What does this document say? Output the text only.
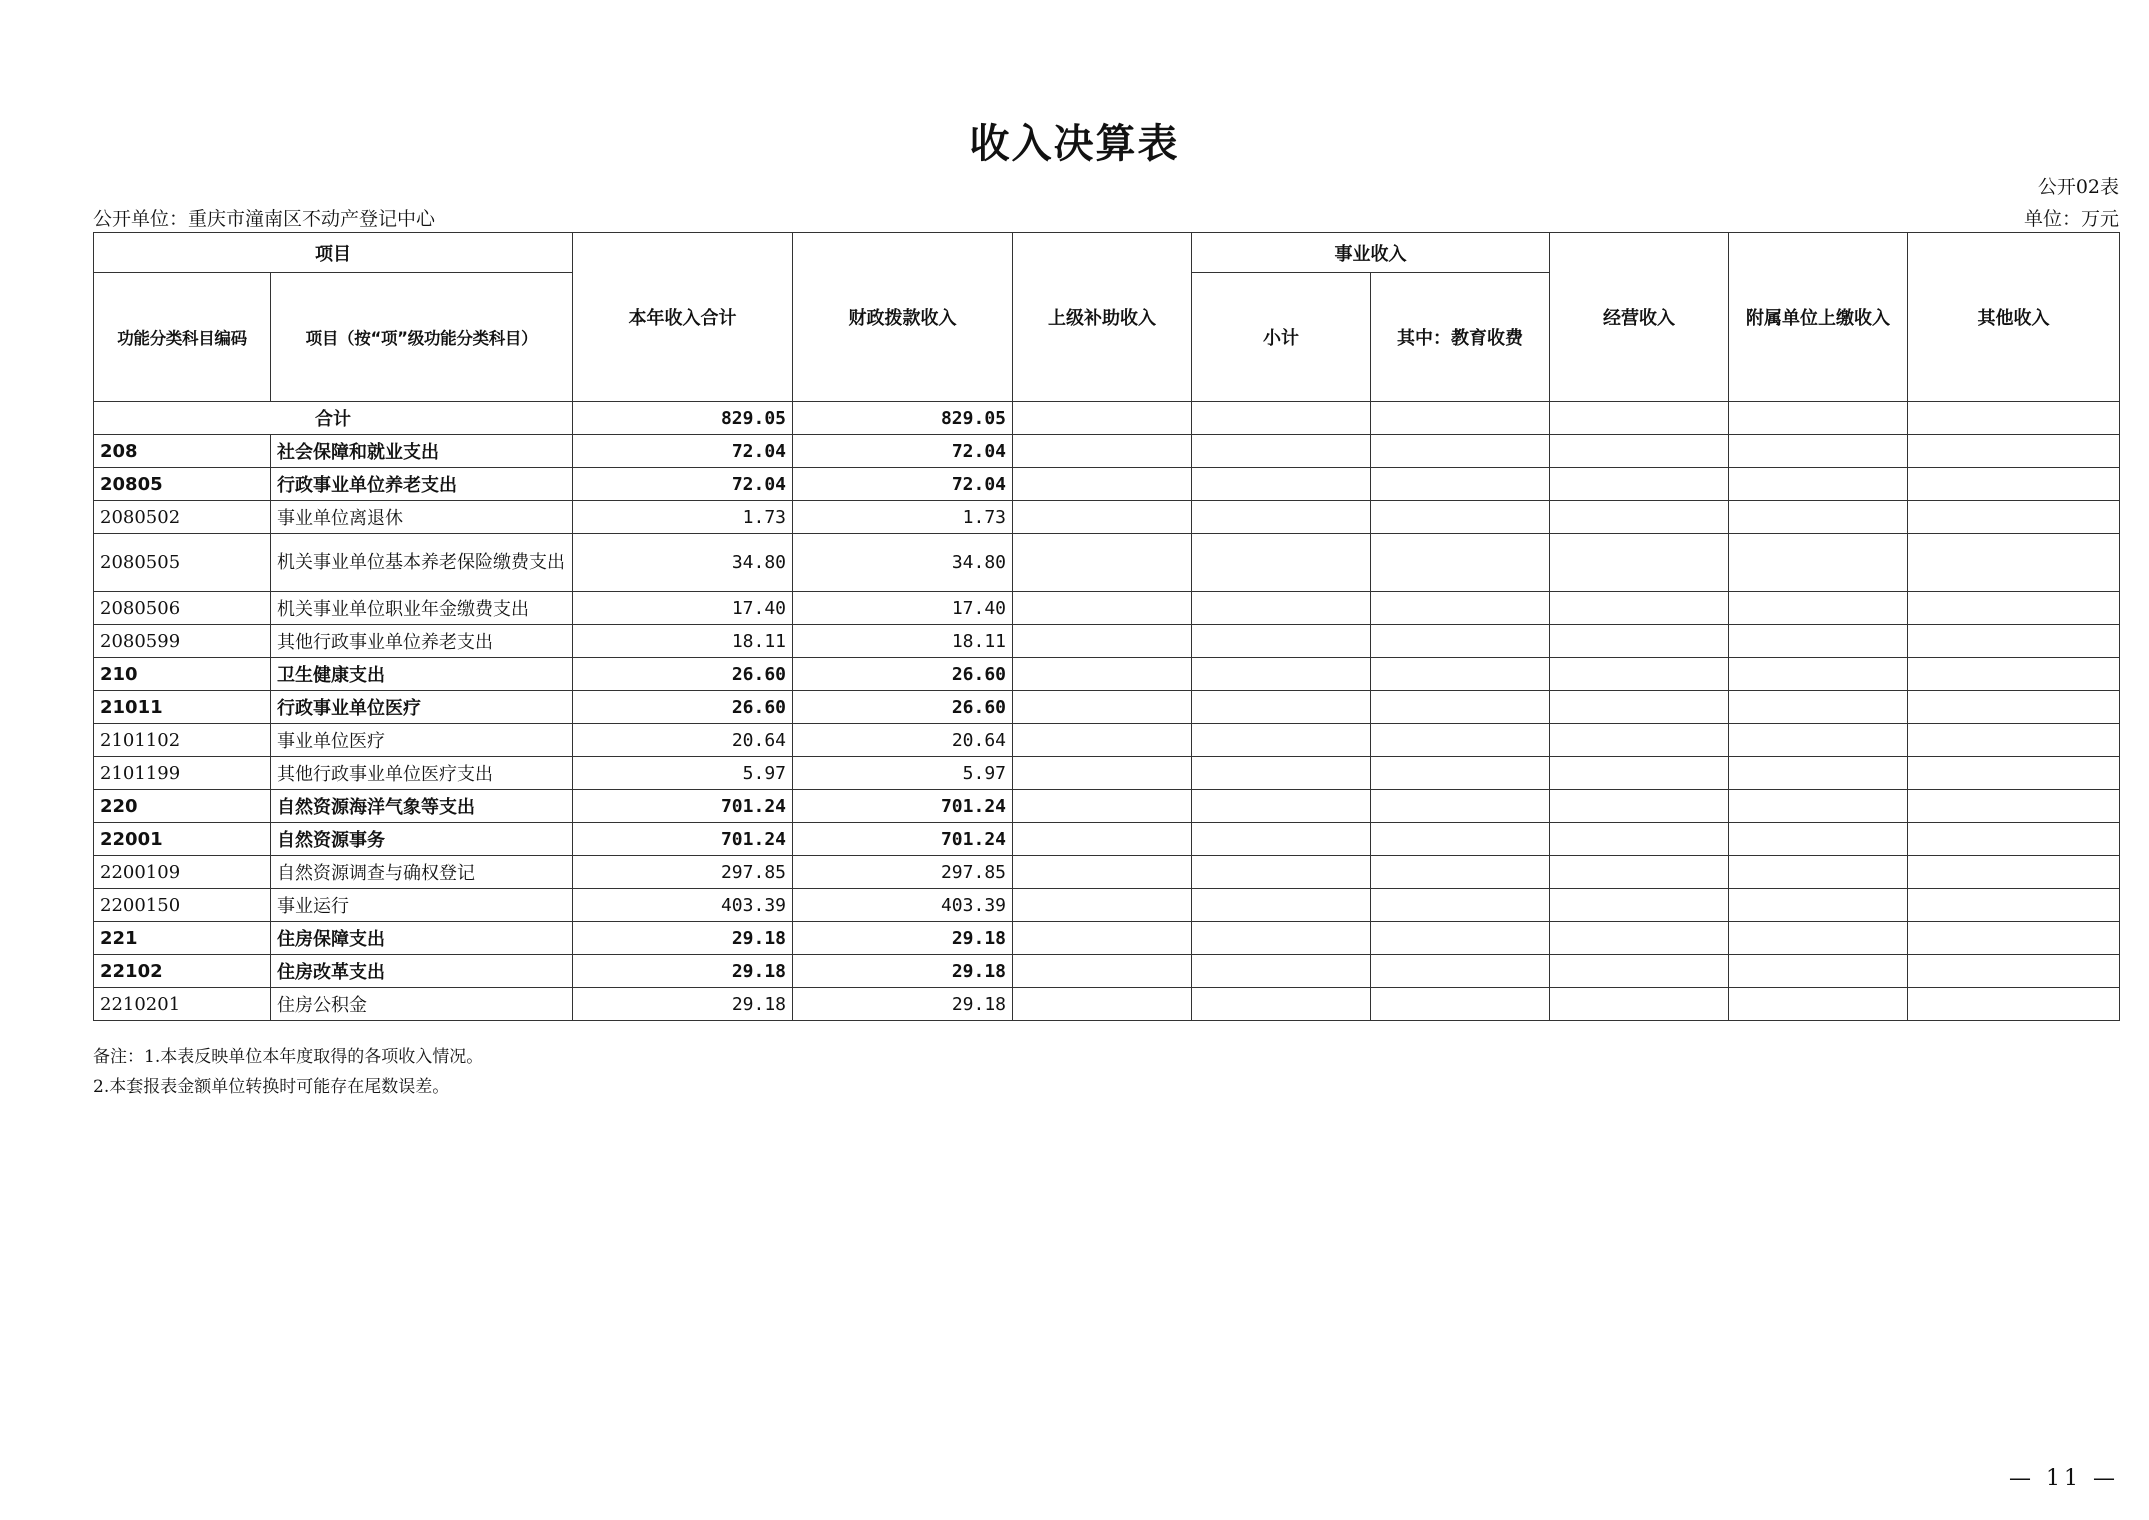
收入决算表
公开02表
公开单位：重庆市潼南区不动产登记中心	单位：万元
项目		本年收入合计	财政拨款收入	上级补助收入	事业收入		经营收入	附属单位上缴收入	其他收入
功能分类科目编码	项目（按“项”级功能分类科目）				小计	其中：教育收费			
合计		829.05	829.05						
208	社会保障和就业支出	72.04	72.04						
20805	行政事业单位养老支出	72.04	72.04						
2080502	事业单位离退休	1.73	1.73						
2080505	机关事业单位基本养老保险缴费支出	34.80	34.80						
2080506	机关事业单位职业年金缴费支出	17.40	17.40						
2080599	其他行政事业单位养老支出	18.11	18.11						
210	卫生健康支出	26.60	26.60						
21011	行政事业单位医疗	26.60	26.60						
2101102	事业单位医疗	20.64	20.64						
2101199	其他行政事业单位医疗支出	5.97	5.97						
220	自然资源海洋气象等支出	701.24	701.24						
22001	自然资源事务	701.24	701.24						
2200109	自然资源调查与确权登记	297.85	297.85						
2200150	事业运行	403.39	403.39						
221	住房保障支出	29.18	29.18						
22102	住房改革支出	29.18	29.18						
2210201	住房公积金	29.18	29.18						
备注：1.本表反映单位本年度取得的各项收入情况。
2.本套报表金额单位转换时可能存在尾数误差。
— 11 —
